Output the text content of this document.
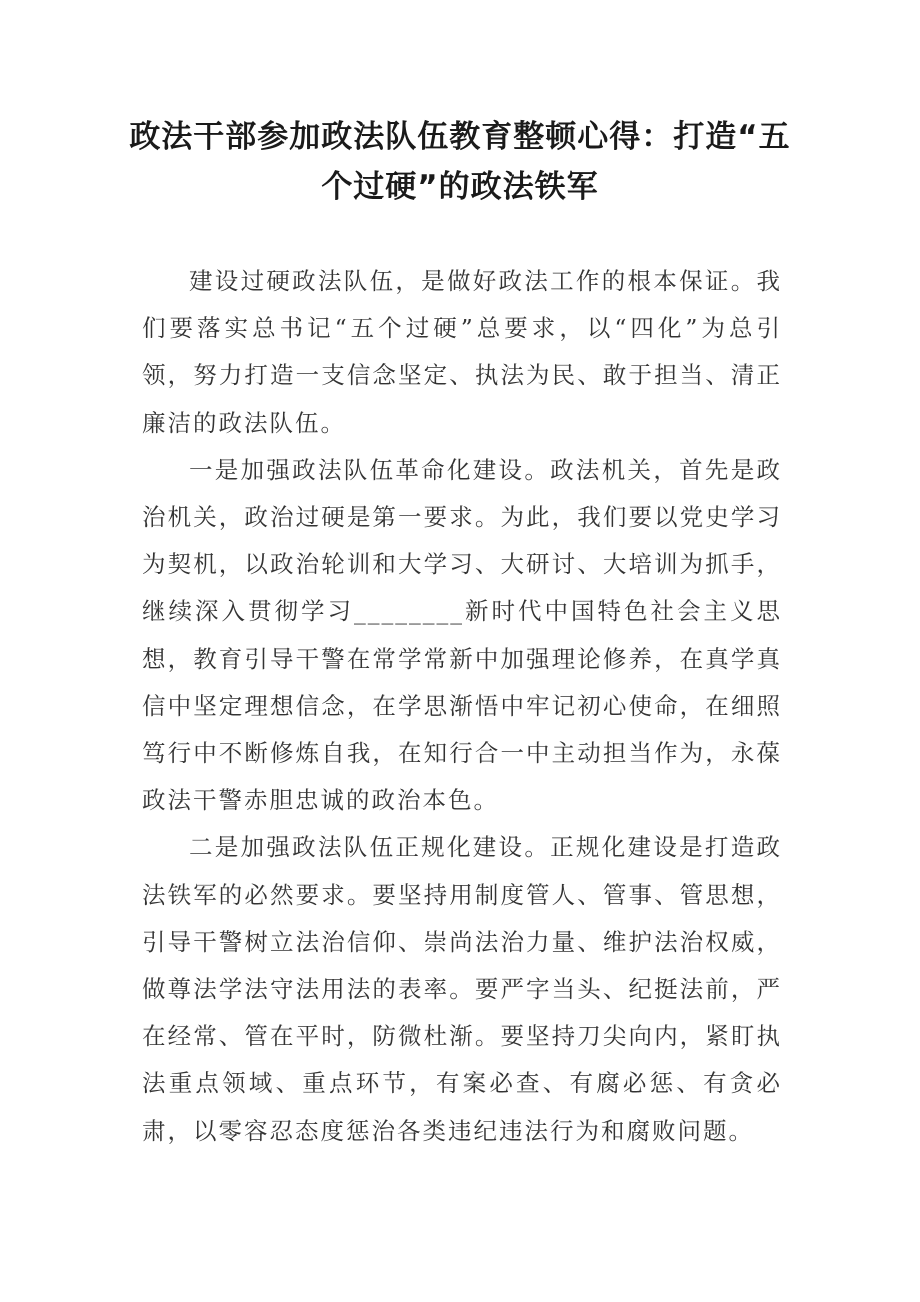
政法干部参加政法队伍教育整顿心得：打造“五个过硬”的政法铁军

建设过硬政法队伍，是做好政法工作的根本保证。我们要落实总书记“五个过硬”总要求，以“四化”为总引领，努力打造一支信念坚定、执法为民、敢于担当、清正廉洁的政法队伍。

一是加强政法队伍革命化建设。政法机关，首先是政治机关，政治过硬是第一要求。为此，我们要以党史学习为契机，以政治轮训和大学习、大研讨、大培训为抓手，继续深入贯彻学习________新时代中国特色社会主义思想，教育引导干警在常学常新中加强理论修养，在真学真信中坚定理想信念，在学思渐悟中牢记初心使命，在细照笃行中不断修炼自我，在知行合一中主动担当作为，永葆政法干警赤胆忠诚的政治本色。

二是加强政法队伍正规化建设。正规化建设是打造政法铁军的必然要求。要坚持用制度管人、管事、管思想，引导干警树立法治信仰、崇尚法治力量、维护法治权威，做尊法学法守法用法的表率。要严字当头、纪挺法前，严在经常、管在平时，防微杜渐。要坚持刀尖向内，紧盯执法重点领域、重点环节，有案必查、有腐必惩、有贪必肃，以零容忍态度惩治各类违纪违法行为和腐败问题。
